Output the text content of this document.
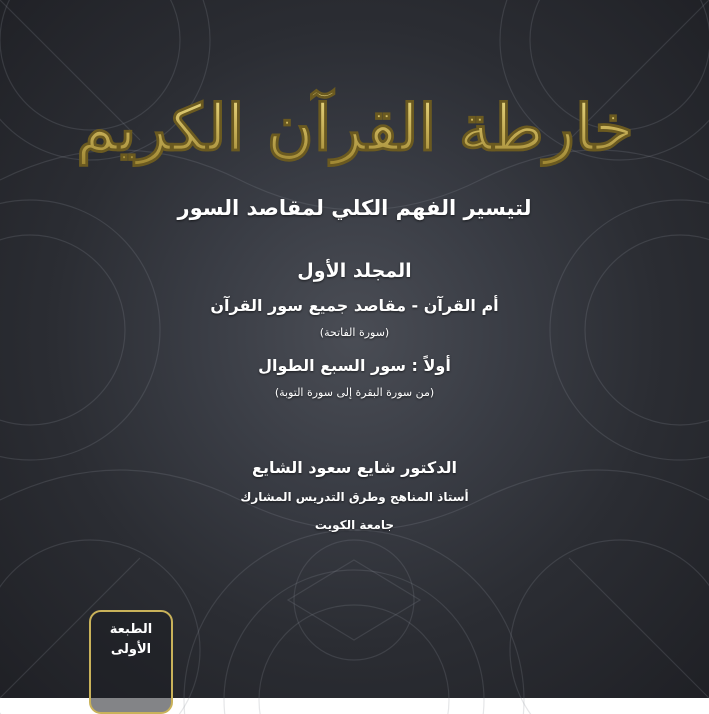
خارطة القرآن الكريم
لتيسير الفهم الكلي لمقاصد السور
المجلد الأول
أم القرآن - مقاصد جميع سور القرآن
(سورة الفاتحة)
أولاً : سور السبع الطوال
(من سورة البقرة إلى سورة التوبة)
الدكتور شايع سعود الشايع
أستاذ المناهج وطرق التدريس المشارك
جامعة الكويت
الطبعة
الأولى
